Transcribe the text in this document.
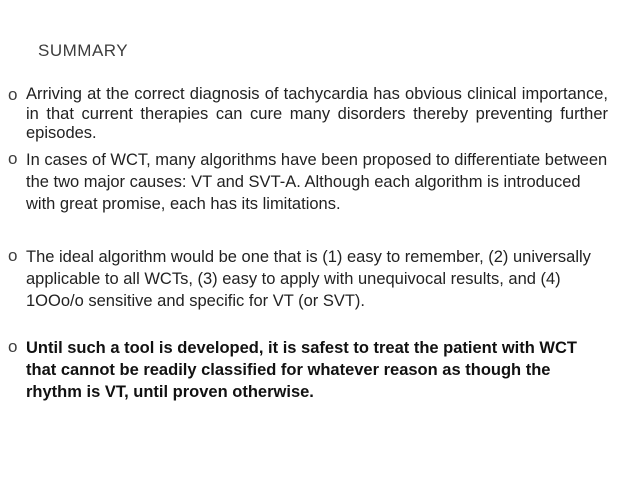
SUMMARY
o Arriving at the correct diagnosis of tachycardia has obvious clinical importance, in that current therapies can cure many disorders thereby preventing further episodes.
o In cases of WCT, many algorithms have been proposed to differentiate between the two major causes: VT and SVT-A. Although each algorithm is introduced with great promise, each has its limitations.
o The ideal algorithm would be one that is (1) easy to remember, (2) universally applicable to all WCTs, (3) easy to apply with unequivocal results, and (4) 1OOo/o sensitive and specific for VT (or SVT).
o Until such a tool is developed, it is safest to treat the patient with WCT that cannot be readily classified for whatever reason as though the rhythm is VT, until proven otherwise.
